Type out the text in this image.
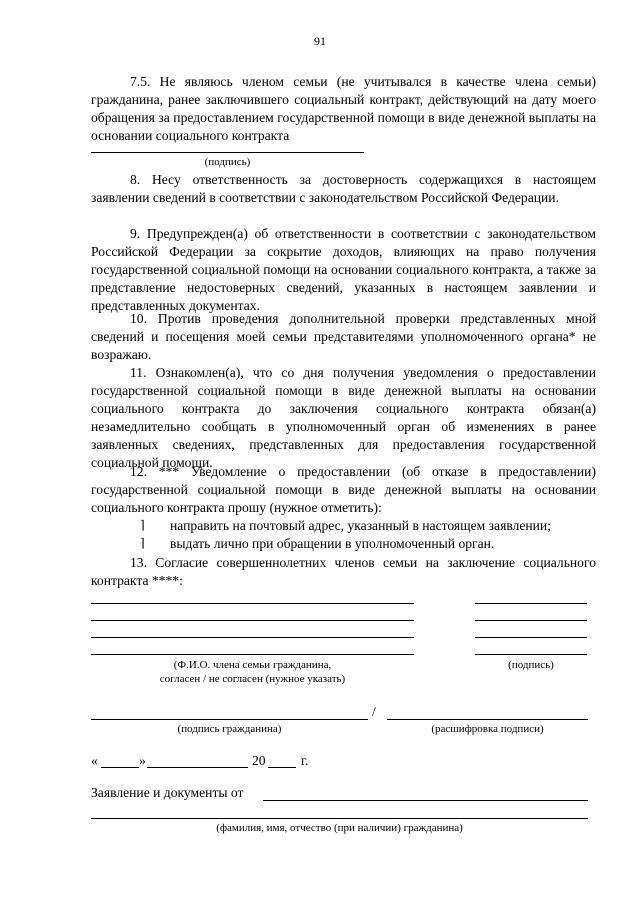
91
7.5. Не являюсь членом семьи (не учитывался в качестве члена семьи) гражданина, ранее заключившего социальный контракт, действующий на дату моего обращения за предоставлением государственной помощи в виде денежной выплаты на основании социального контракта
(подпись)
8. Несу ответственность за достоверность содержащихся в настоящем заявлении сведений в соответствии с законодательством Российской Федерации.
9. Предупрежден(а) об ответственности в соответствии с законодательством Российской Федерации за сокрытие доходов, влияющих на право получения государственной социальной помощи на основании социального контракта, а также за представление недостоверных сведений, указанных в настоящем заявлении и представленных документах.
10. Против проведения дополнительной проверки представленных мной сведений и посещения моей семьи представителями уполномоченного органа* не возражаю.
11. Ознакомлен(а), что со дня получения уведомления о предоставлении государственной социальной помощи в виде денежной выплаты на основании социального контракта до заключения социального контракта обязан(а) незамедлительно сообщать в уполномоченный орган об изменениях в ранее заявленных сведениях, представленных для предоставления государственной социальной помощи.
12. *** Уведомление о предоставлении (об отказе в предоставлении) государственной социальной помощи в виде денежной выплаты на основании социального контракта прошу (нужное отметить):
⌉ направить на почтовый адрес, указанный в настоящем заявлении;
⌉ выдать лично при обращении в уполномоченный орган.
13. Согласие совершеннолетних членов семьи на заключение социального контракта ****:
(Ф.И.О. члена семьи гражданина,
согласен / не согласен (нужное указать)
(подпись)
/
(подпись гражданина)	(расшифровка подписи)
«	»	20	г.
Заявление и документы от
(фамилия, имя, отчество (при наличии) гражданина)
